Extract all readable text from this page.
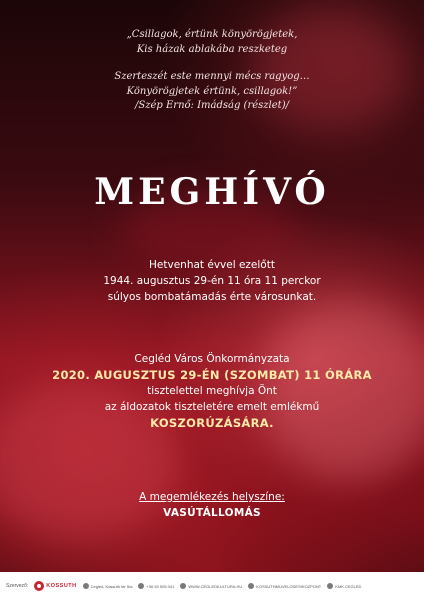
„Csillagok, értünk könyörögjetek,

Kis házak ablakába reszketeg

Szerteszét este mennyi mécs ragyog…

Könyörögjetek értünk, csillagok!”

/Szép Ernő: Imádság (részlet)/

MEGHÍVÓ
Hetvenhat évvel ezelőtt
1944. augusztus 29-én 11 óra 11 perckor
súlyos bombatámadás érte városunkat.
Cegléd Város Önkormányzata
2020. AUGUSZTUS 29-ÉN (SZOMBAT) 11 ÓRÁRA
tisztelettel meghívja Önt
az áldozatok tiszteletére emelt emlékmű
KOSZORÚZÁSÁRA.
A megemlékezés helyszíne:
VASÚTÁLLOMÁS
Szervező:	KOSSUTH	Cegléd, Kossuth tér 5/a	+36 53 505 041	WWW.CEGLEDKULTURA.HU	KOSSUTHMUVELODESIKOZPONT	KMK.CEGLED
